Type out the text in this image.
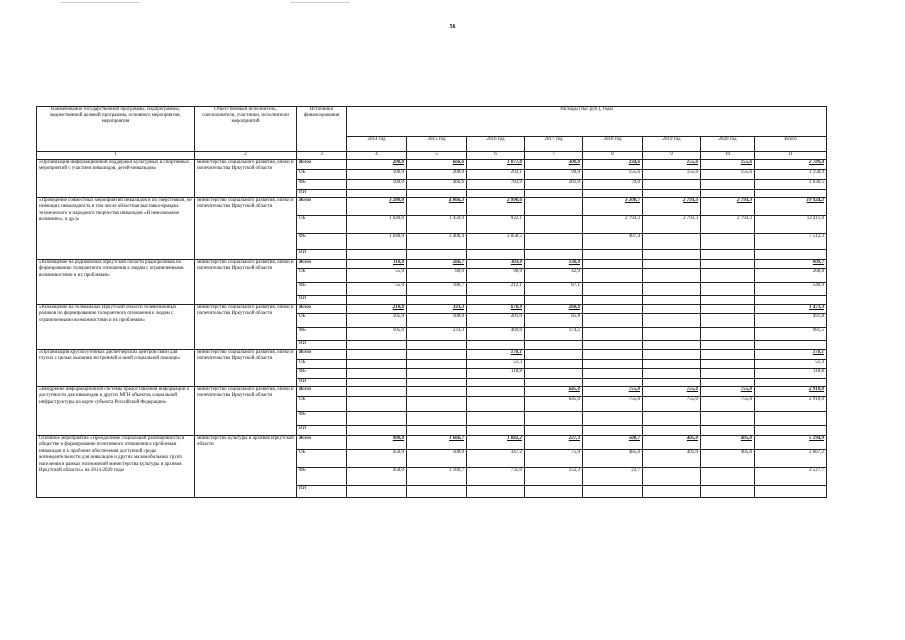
56
Наименование государственной программы, подпрограммы, ведомственной целевой программы, основного мероприятия, мероприятия	Ответственный исполнитель, соисполнители, участники, исполнители мероприятий	Источники финансирования	Расходы (тыс.руб.), годы							
			2014 год	2015 год	2016 год	2017 год	2018 год	2019 год	2020 год	Всего
1	2	3	4	5	6	7	8	9	10	11
«Организация информационной поддержки культурных и спортивных мероприятий с участием инвалидов, детей-инвалидов»	министерство социального развития, опеки и попечительства Иркутской области	Всего	200,0	666,6	1 077,0	300,0	234,6	155,6	155,6	2 789,4
		ОБ	100,0	200,0	293,1	99,0	155,6	155,6	155,6	1 158,9
		ФБ	100,0	466,6	783,9	201,0	79,0			1 630,5
		ИИ								
«Проведение совместных мероприятий инвалидов и их сверстников, не имеющих инвалидность в том числе областная выставка-ярмарка технического и народного творчества инвалидов «И невозможное возможно», и др.)»	министерство социального развития, опеки и попечительства Иркутской области	Всего	3 280,0	4 866,3	2 990,6		3 200,7	2 793,3	2 793,3	19 924,2
		ОБ	1 640,0	1 459,9	932,1		2 793,3	2 793,3	2 793,3	12 411,9
		ФБ	1 640,0	3 406,4	2 058,5		407,4			7 512,3
		ИИ								
«Размещение на радиоволнах Иркутской области радиороликов по формированию толерантного отношения к людям с ограниченными возможностями и их проблемам»	министерство социального развития, опеки и попечительства Иркутской области	Всего	110,0	266,7	303,0	130,0				809,7
		ОБ	55,0	80,0	90,9	42,9				268,8
		ФБ	55,0	186,7	212,1	87,1				540,9
		ИИ								
«Размещение на телеканалах Иркутской области телевизионных роликов по формированию толерантного отношения к людям с ограниченными возможностями и их проблемам»	министерство социального развития, опеки и попечительства Иркутской области	Всего	210,0	333,3	670,0	260,0				1 473,3
		ОБ	105,0	100,0	201,0	85,8				491,8
		ФБ	105,0	233,3	469,0	174,2				981,5
		ИИ								
«Организация круглосуточных диспетчерских центров связи для глухих с целью оказания экстренной и иной социальной помощи»	министерство социального развития, опеки и попечительства Иркутской области	Всего			170,1					170,1
		ОБ			51,3					51,3
		ФБ			118,8					118,8
		ИИ								
«Внедрение информационной системы предоставления информации о доступности для инвалидов и других МГН объектов социальной инфраструктуры на карте субъекта Российской Федерации»	министерство социального развития, опеки и попечительства Иркутской области	Всего				645,0	755,0	755,0	755,0	2 910,0
		ОБ				645,0	755,0	755,0	755,0	2 910,0
		ФБ								
		ИИ								
Основное мероприятие «Преодоление социальной разобщенности в обществе и формирование позитивного отношения к проблемам инвалидов и к проблеме обеспечения доступной среды жизнедеятельности для инвалидов и других маломобильных групп населения в рамках полномочий министерства культуры и архивов Иркутской области.» на 2014-2020 годы	министерство культуры и архивов Иркутской области	Всего	900,0	1 666,7	1 082,2	227,3	508,7	405,0	405,0	5 194,9
		ОБ	450,0	500,0	347,2	75,0	485,0	405,0	405,0	2 667,2
		ФБ	450,0	1 166,7	735,0	152,3	23,7			2 527,7
		ИИ								
